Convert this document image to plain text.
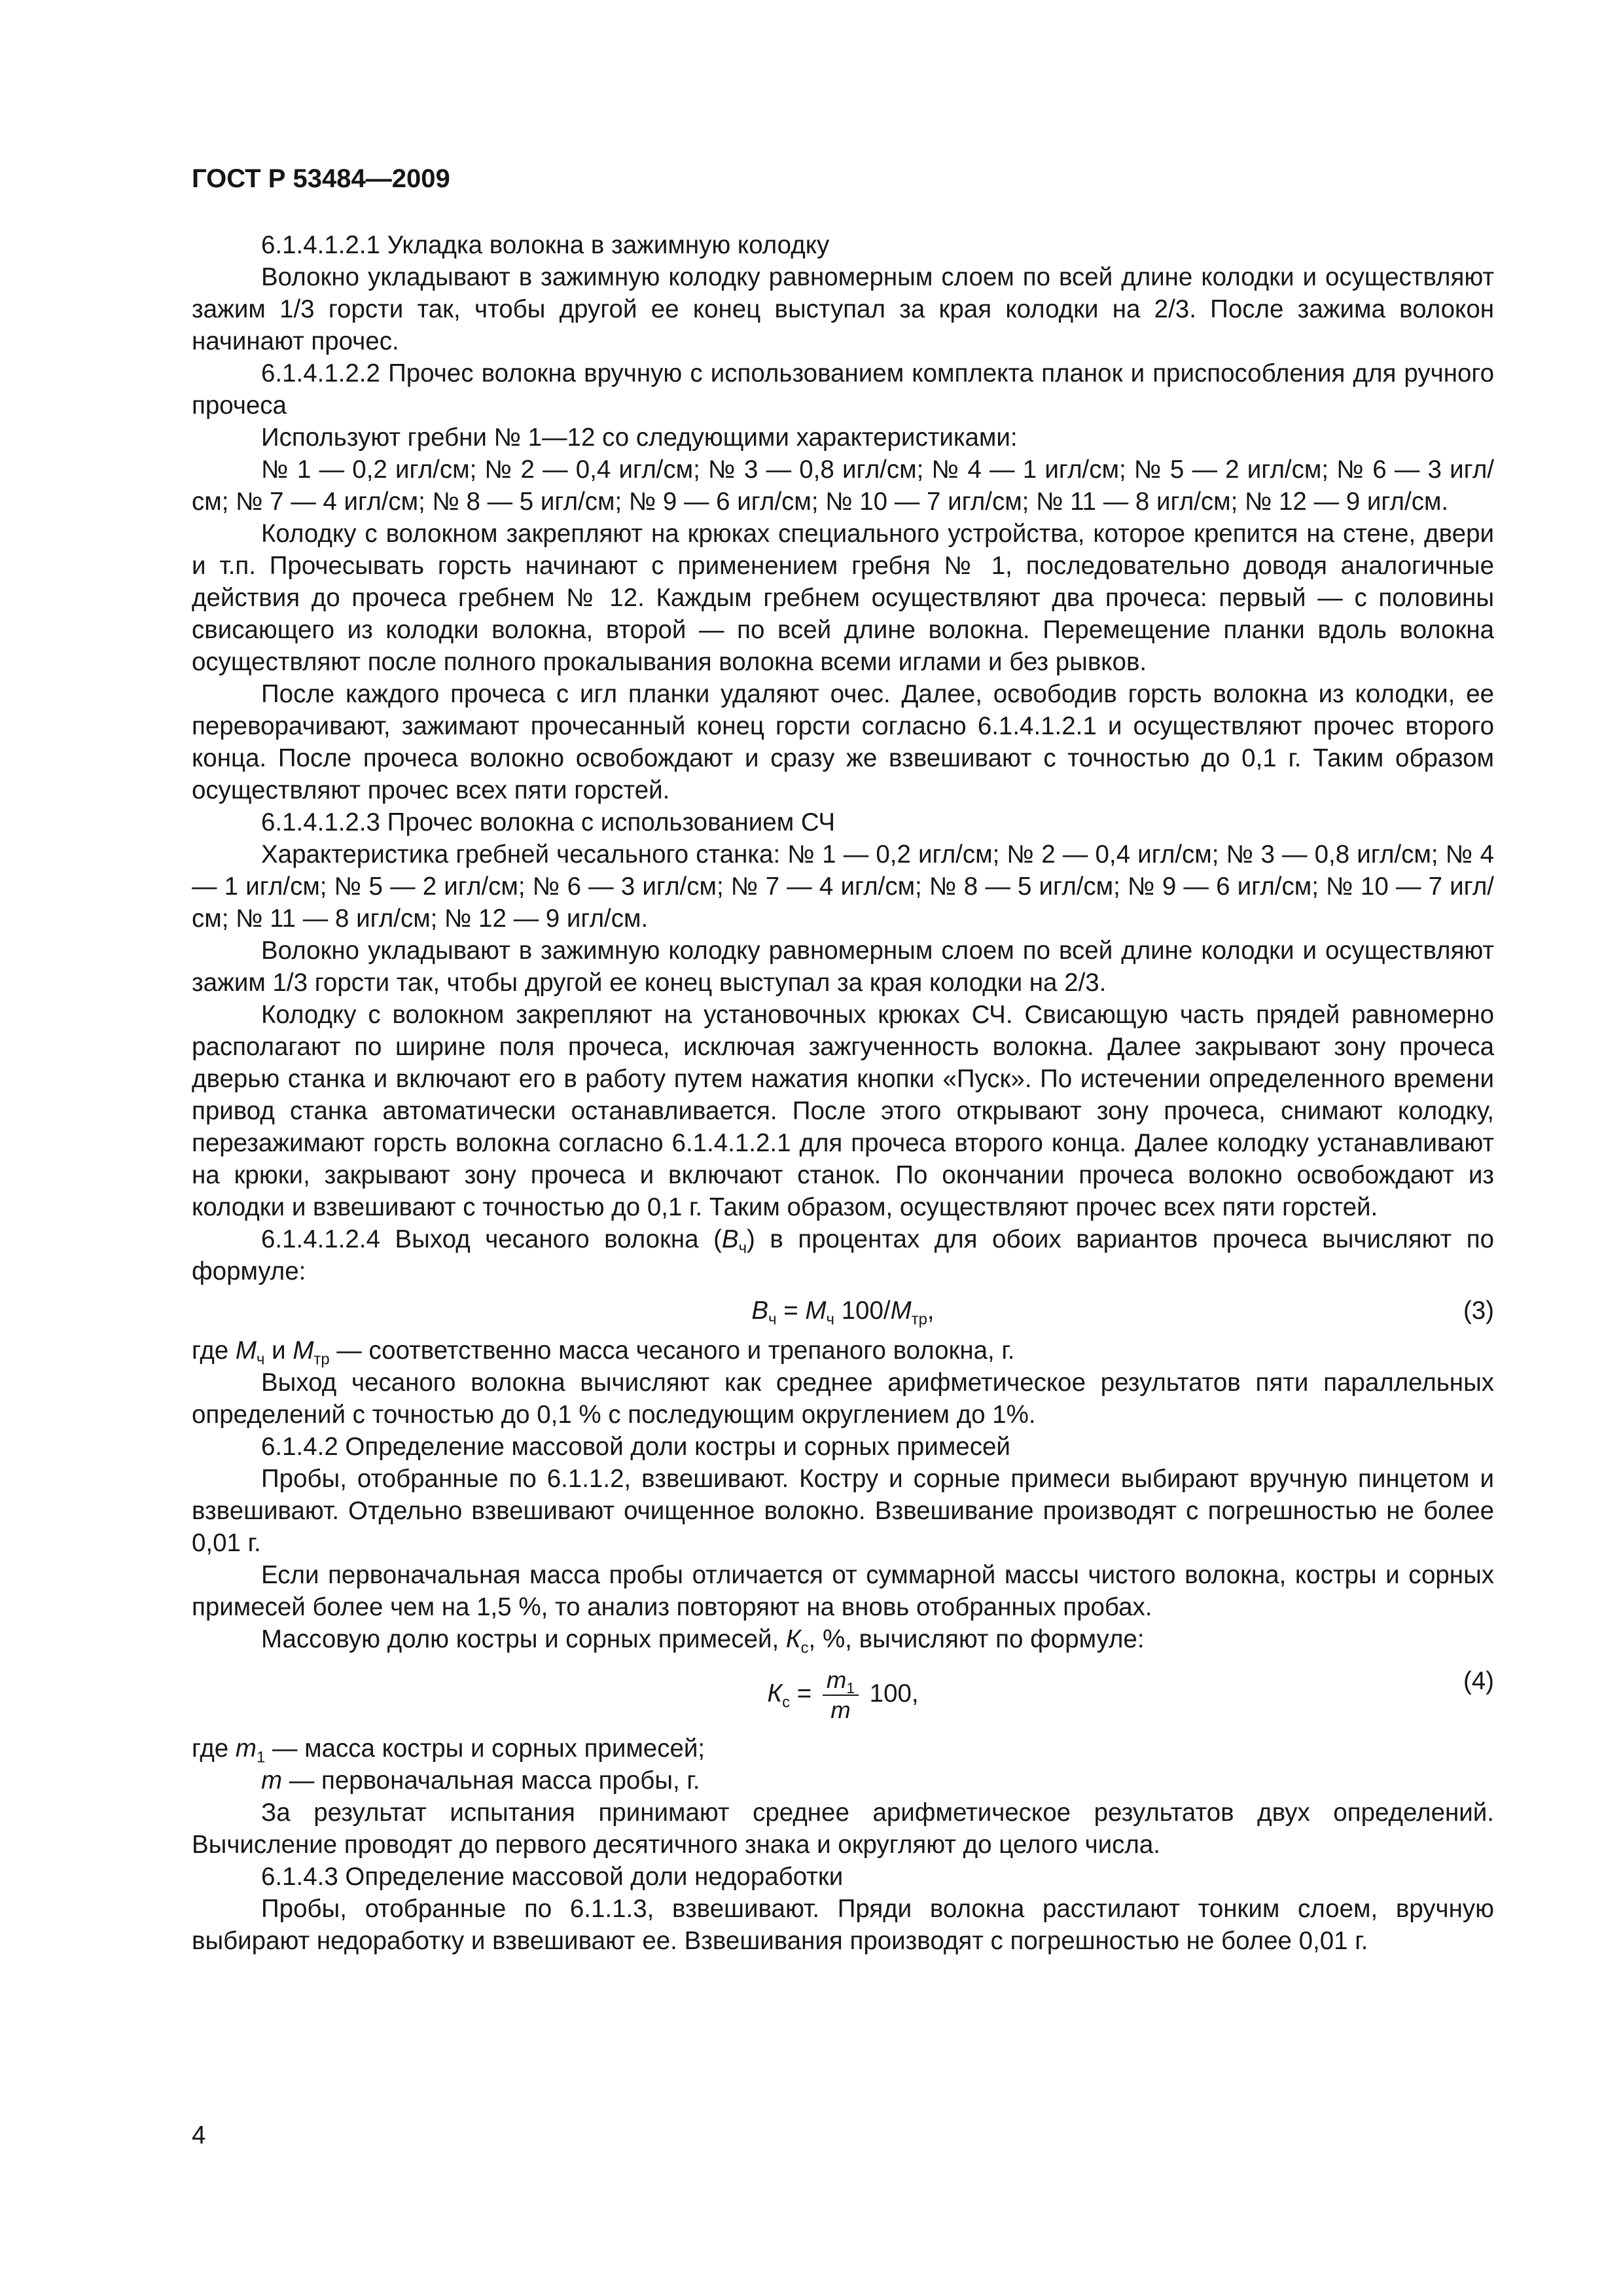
ГОСТ Р 53484—2009

6.1.4.1.2.1 Укладка волокна в зажимную колодку

Волокно укладывают в зажимную колодку равномерным слоем по всей длине колодки и осуществляют зажим 1/3 горсти так, чтобы другой ее конец выступал за края колодки на 2/3. После зажима волокон начинают прочес.

6.1.4.1.2.2 Прочес волокна вручную с использованием комплекта планок и приспособления для ручного прочеса

Используют гребни № 1—12 со следующими характеристиками:

№ 1 — 0,2 игл/см; № 2 — 0,4 игл/см; № 3 — 0,8 игл/см; № 4 — 1 игл/см; № 5 — 2 игл/см; № 6 — 3 игл/см; № 7 — 4 игл/см; № 8 — 5 игл/см; № 9 — 6 игл/см; № 10 — 7 игл/см; № 11 — 8 игл/см; № 12 — 9 игл/см.

Колодку с волокном закрепляют на крюках специального устройства, которое крепится на стене, двери и т.п. Прочесывать горсть начинают с применением гребня № 1, последовательно доводя аналогичные действия до прочеса гребнем № 12. Каждым гребнем осуществляют два прочеса: первый — с половины свисающего из колодки волокна, второй — по всей длине волокна. Перемещение планки вдоль волокна осуществляют после полного прокалывания волокна всеми иглами и без рывков.

После каждого прочеса с игл планки удаляют очес. Далее, освободив горсть волокна из колодки, ее переворачивают, зажимают прочесанный конец горсти согласно 6.1.4.1.2.1 и осуществляют прочес второго конца. После прочеса волокно освобождают и сразу же взвешивают с точностью до 0,1 г. Таким образом осуществляют прочес всех пяти горстей.

6.1.4.1.2.3 Прочес волокна с использованием СЧ

Характеристика гребней чесального станка: № 1 — 0,2 игл/см; № 2 — 0,4 игл/см; № 3 — 0,8 игл/см; № 4 — 1 игл/см; № 5 — 2 игл/см; № 6 — 3 игл/см; № 7 — 4 игл/см; № 8 — 5 игл/см; № 9 — 6 игл/см; № 10 — 7 игл/см; № 11 — 8 игл/см; № 12 — 9 игл/см.

Волокно укладывают в зажимную колодку равномерным слоем по всей длине колодки и осуществляют зажим 1/3 горсти так, чтобы другой ее конец выступал за края колодки на 2/3.

Колодку с волокном закрепляют на установочных крюках СЧ. Свисающую часть прядей равномерно располагают по ширине поля прочеса, исключая зажгученность волокна. Далее закрывают зону прочеса дверью станка и включают его в работу путем нажатия кнопки «Пуск». По истечении определенного времени привод станка автоматически останавливается. После этого открывают зону прочеса, снимают колодку, перезажимают горсть волокна согласно 6.1.4.1.2.1 для прочеса второго конца. Далее колодку устанавливают на крюки, закрывают зону прочеса и включают станок. По окончании прочеса волокно освобождают из колодки и взвешивают с точностью до 0,1 г. Таким образом, осуществляют прочес всех пяти горстей.

6.1.4.1.2.4 Выход чесаного волокна $(В_ч)$ в процентах для обоих вариантов прочеса вычисляют по формуле:

$В_ч = М_ч$ $100/М_{тр}$,	(3)

где $М_ч$ и $М_{тр}$ — соответственно масса чесаного и трепаного волокна, г.

Выход чесаного волокна вычисляют как среднее арифметическое результатов пяти параллельных определений с точностью до 0,1 % с последующим округлением до 1%.

6.1.4.2 Определение массовой доли костры и сорных примесей

Пробы, отобранные по 6.1.1.2, взвешивают. Костру и сорные примеси выбирают вручную пинцетом и взвешивают. Отдельно взвешивают очищенное волокно. Взвешивание производят с погрешностью не более 0,01 г.

Если первоначальная масса пробы отличается от суммарной массы чистого волокна, костры и сорных примесей более чем на 1,5 %, то анализ повторяют на вновь отобранных пробах.

Массовую долю костры и сорных примесей, $К_с$, %, вычисляют по формуле:

$К_с = \frac{m_1}{m} 100$,	(4)

где $m_1$ — масса костры и сорных примесей;

m — первоначальная масса пробы, г.

За результат испытания принимают среднее арифметическое результатов двух определений. Вычисление проводят до первого десятичного знака и округляют до целого числа.

6.1.4.3 Определение массовой доли недоработки

Пробы, отобранные по 6.1.1.3, взвешивают. Пряди волокна расстилают тонким слоем, вручную выбирают недоработку и взвешивают ее. Взвешивания производят с погрешностью не более 0,01 г.

4
